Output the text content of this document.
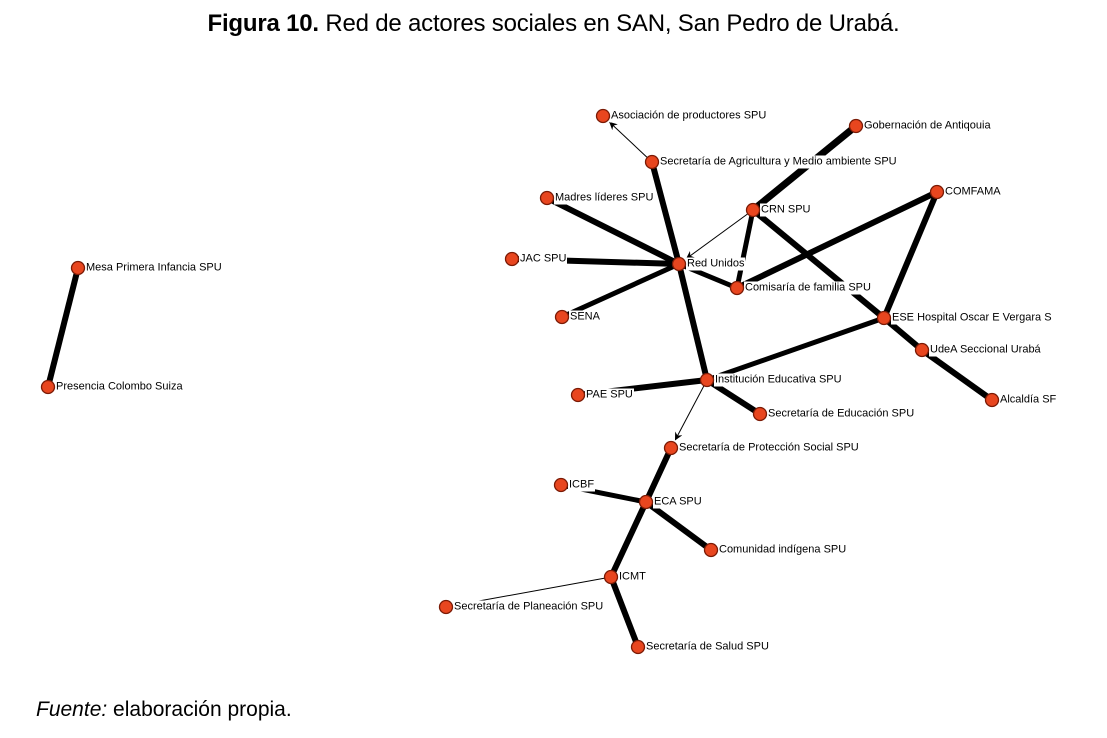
Figura 10. Red de actores sociales en SAN, San Pedro de Urabá.
Asociación de productores SPU
Gobernación de Antiqouia
Secretaría de Agricultura y Medio ambiente SPU
COMFAMA
Madres líderes SPU
CRN SPU
JAC SPU	Red Unidos
Mesa Primera Infancia SPU
Comisaría de familia SPU
SENA	ESE Hospital Oscar E Vergara S
UdeA Seccional Urabá
Institución Educativa SPU
Presencia Colombo Suiza
PAE SPU	Alcaldía SF
Secretaría de Educación SPU
Secretaría de Protección Social SPU
ICBF
ECA SPU
Comunidad indígena SPU
ICMT
Secretaría de Planeación SPU
Secretaría de Salud SPU
Fuente: elaboración propia.
